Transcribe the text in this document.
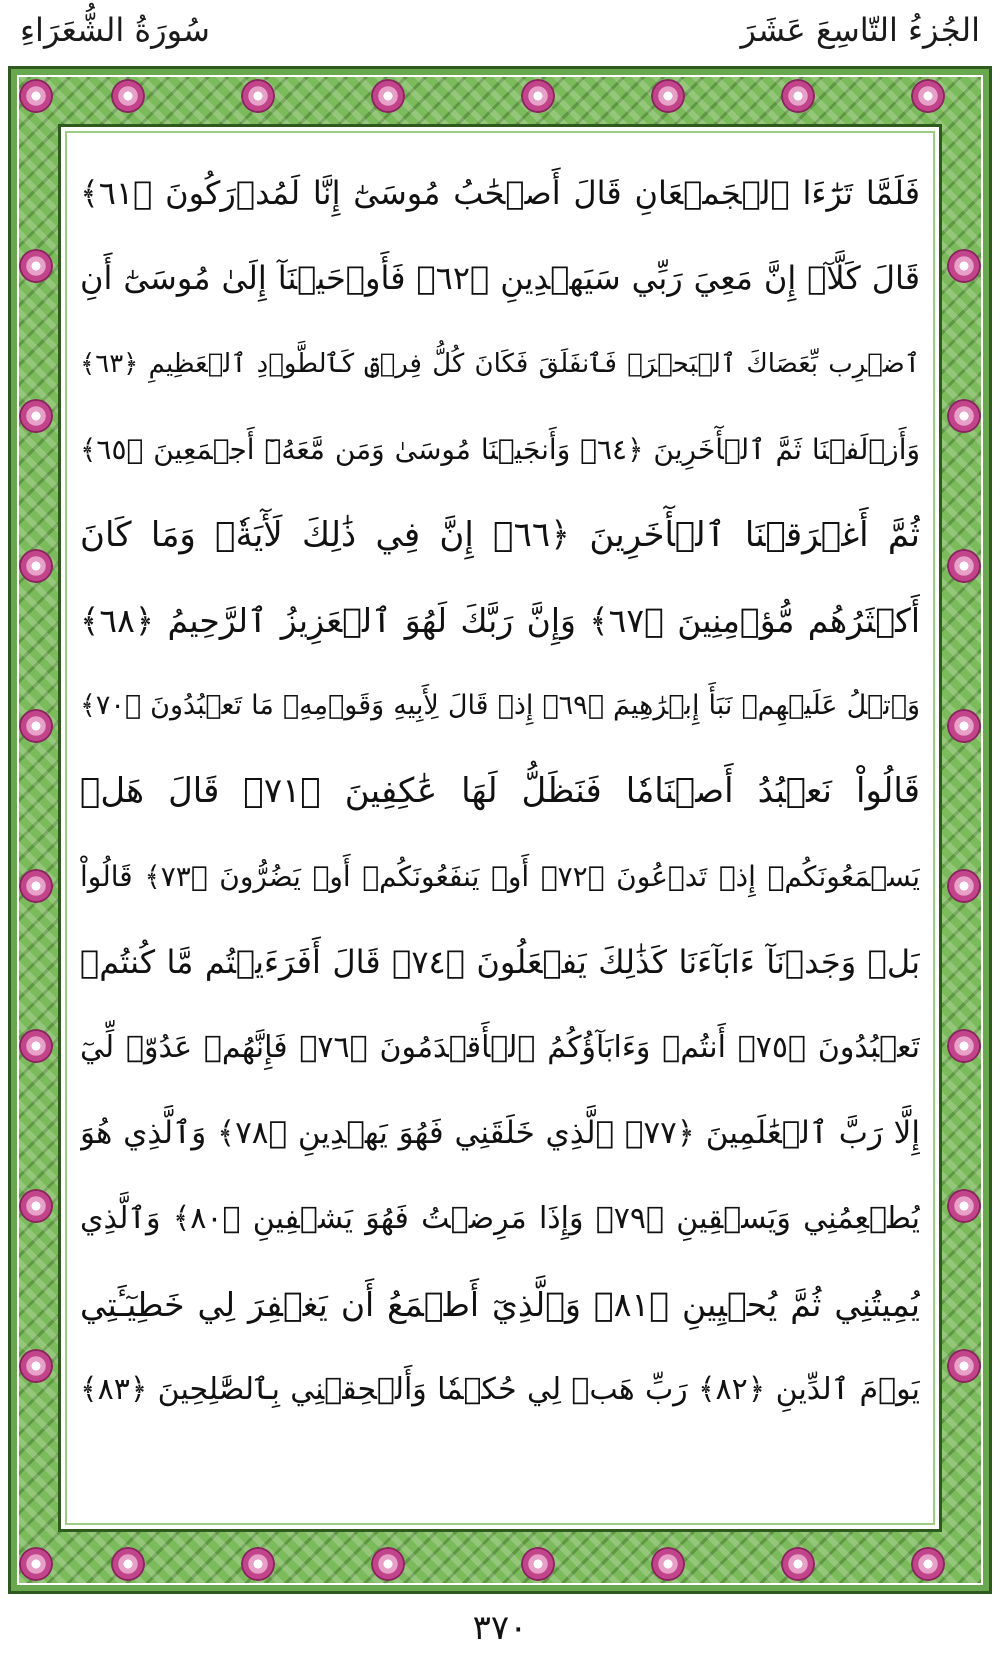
الجُزءُ التّاسِعَ عَشَرَ
سُورَةُ الشُّعَرَاءِ
فَلَمَّا تَرَٰٓءَا ٱلۡجَمۡعَانِ قَالَ أَصۡحَٰبُ مُوسَىٰٓ إِنَّا لَمُدۡرَكُونَ ﴿٦١﴾
قَالَ كَلَّآۖ إِنَّ مَعِيَ رَبِّي سَيَهۡدِينِ ﴿٦٢﴾ فَأَوۡحَيۡنَآ إِلَىٰ مُوسَىٰٓ أَنِ
ٱضۡرِب بِّعَصَاكَ ٱلۡبَحۡرَۖ فَٱنفَلَقَ فَكَانَ كُلُّ فِرۡقٖ كَٱلطَّوۡدِ ٱلۡعَظِيمِ ﴿٦٣﴾
وَأَزۡلَفۡنَا ثَمَّ ٱلۡأٓخَرِينَ ﴿٦٤﴾ وَأَنجَيۡنَا مُوسَىٰ وَمَن مَّعَهُۥٓ أَجۡمَعِينَ ﴿٦٥﴾
ثُمَّ أَغۡرَقۡنَا ٱلۡأٓخَرِينَ ﴿٦٦﴾ إِنَّ فِي ذَٰلِكَ لَأٓيَةٗۖ وَمَا كَانَ
أَكۡثَرُهُم مُّؤۡمِنِينَ ﴿٦٧﴾ وَإِنَّ رَبَّكَ لَهُوَ ٱلۡعَزِيزُ ٱلرَّحِيمُ ﴿٦٨﴾
وَٱتۡلُ عَلَيۡهِمۡ نَبَأَ إِبۡرَٰهِيمَ ﴿٦٩﴾ إِذۡ قَالَ لِأَبِيهِ وَقَوۡمِهِۦ مَا تَعۡبُدُونَ ﴿٧٠﴾
قَالُواْ نَعۡبُدُ أَصۡنَامٗا فَنَظَلُّ لَهَا عَٰكِفِينَ ﴿٧١﴾ قَالَ هَلۡ
يَسۡمَعُونَكُمۡ إِذۡ تَدۡعُونَ ﴿٧٢﴾ أَوۡ يَنفَعُونَكُمۡ أَوۡ يَضُرُّونَ ﴿٧٣﴾ قَالُواْ
بَلۡ وَجَدۡنَآ ءَابَآءَنَا كَذَٰلِكَ يَفۡعَلُونَ ﴿٧٤﴾ قَالَ أَفَرَءَيۡتُم مَّا كُنتُمۡ
تَعۡبُدُونَ ﴿٧٥﴾ أَنتُمۡ وَءَابَآؤُكُمُ ٱلۡأَقۡدَمُونَ ﴿٧٦﴾ فَإِنَّهُمۡ عَدُوّٞ لِّيٓ
إِلَّا رَبَّ ٱلۡعَٰلَمِينَ ﴿٧٧﴾ ٱلَّذِي خَلَقَنِي فَهُوَ يَهۡدِينِ ﴿٧٨﴾ وَٱلَّذِي هُوَ
يُطۡعِمُنِي وَيَسۡقِينِ ﴿٧٩﴾ وَإِذَا مَرِضۡتُ فَهُوَ يَشۡفِينِ ﴿٨٠﴾ وَٱلَّذِي
يُمِيتُنِي ثُمَّ يُحۡيِينِ ﴿٨١﴾ وَٱلَّذِيٓ أَطۡمَعُ أَن يَغۡفِرَ لِي خَطِيٓـَٔتِي
يَوۡمَ ٱلدِّينِ ﴿٨٢﴾ رَبِّ هَبۡ لِي حُكۡمٗا وَأَلۡحِقۡنِي بِٱلصَّٰلِحِينَ ﴿٨٣﴾
٣٧٠
